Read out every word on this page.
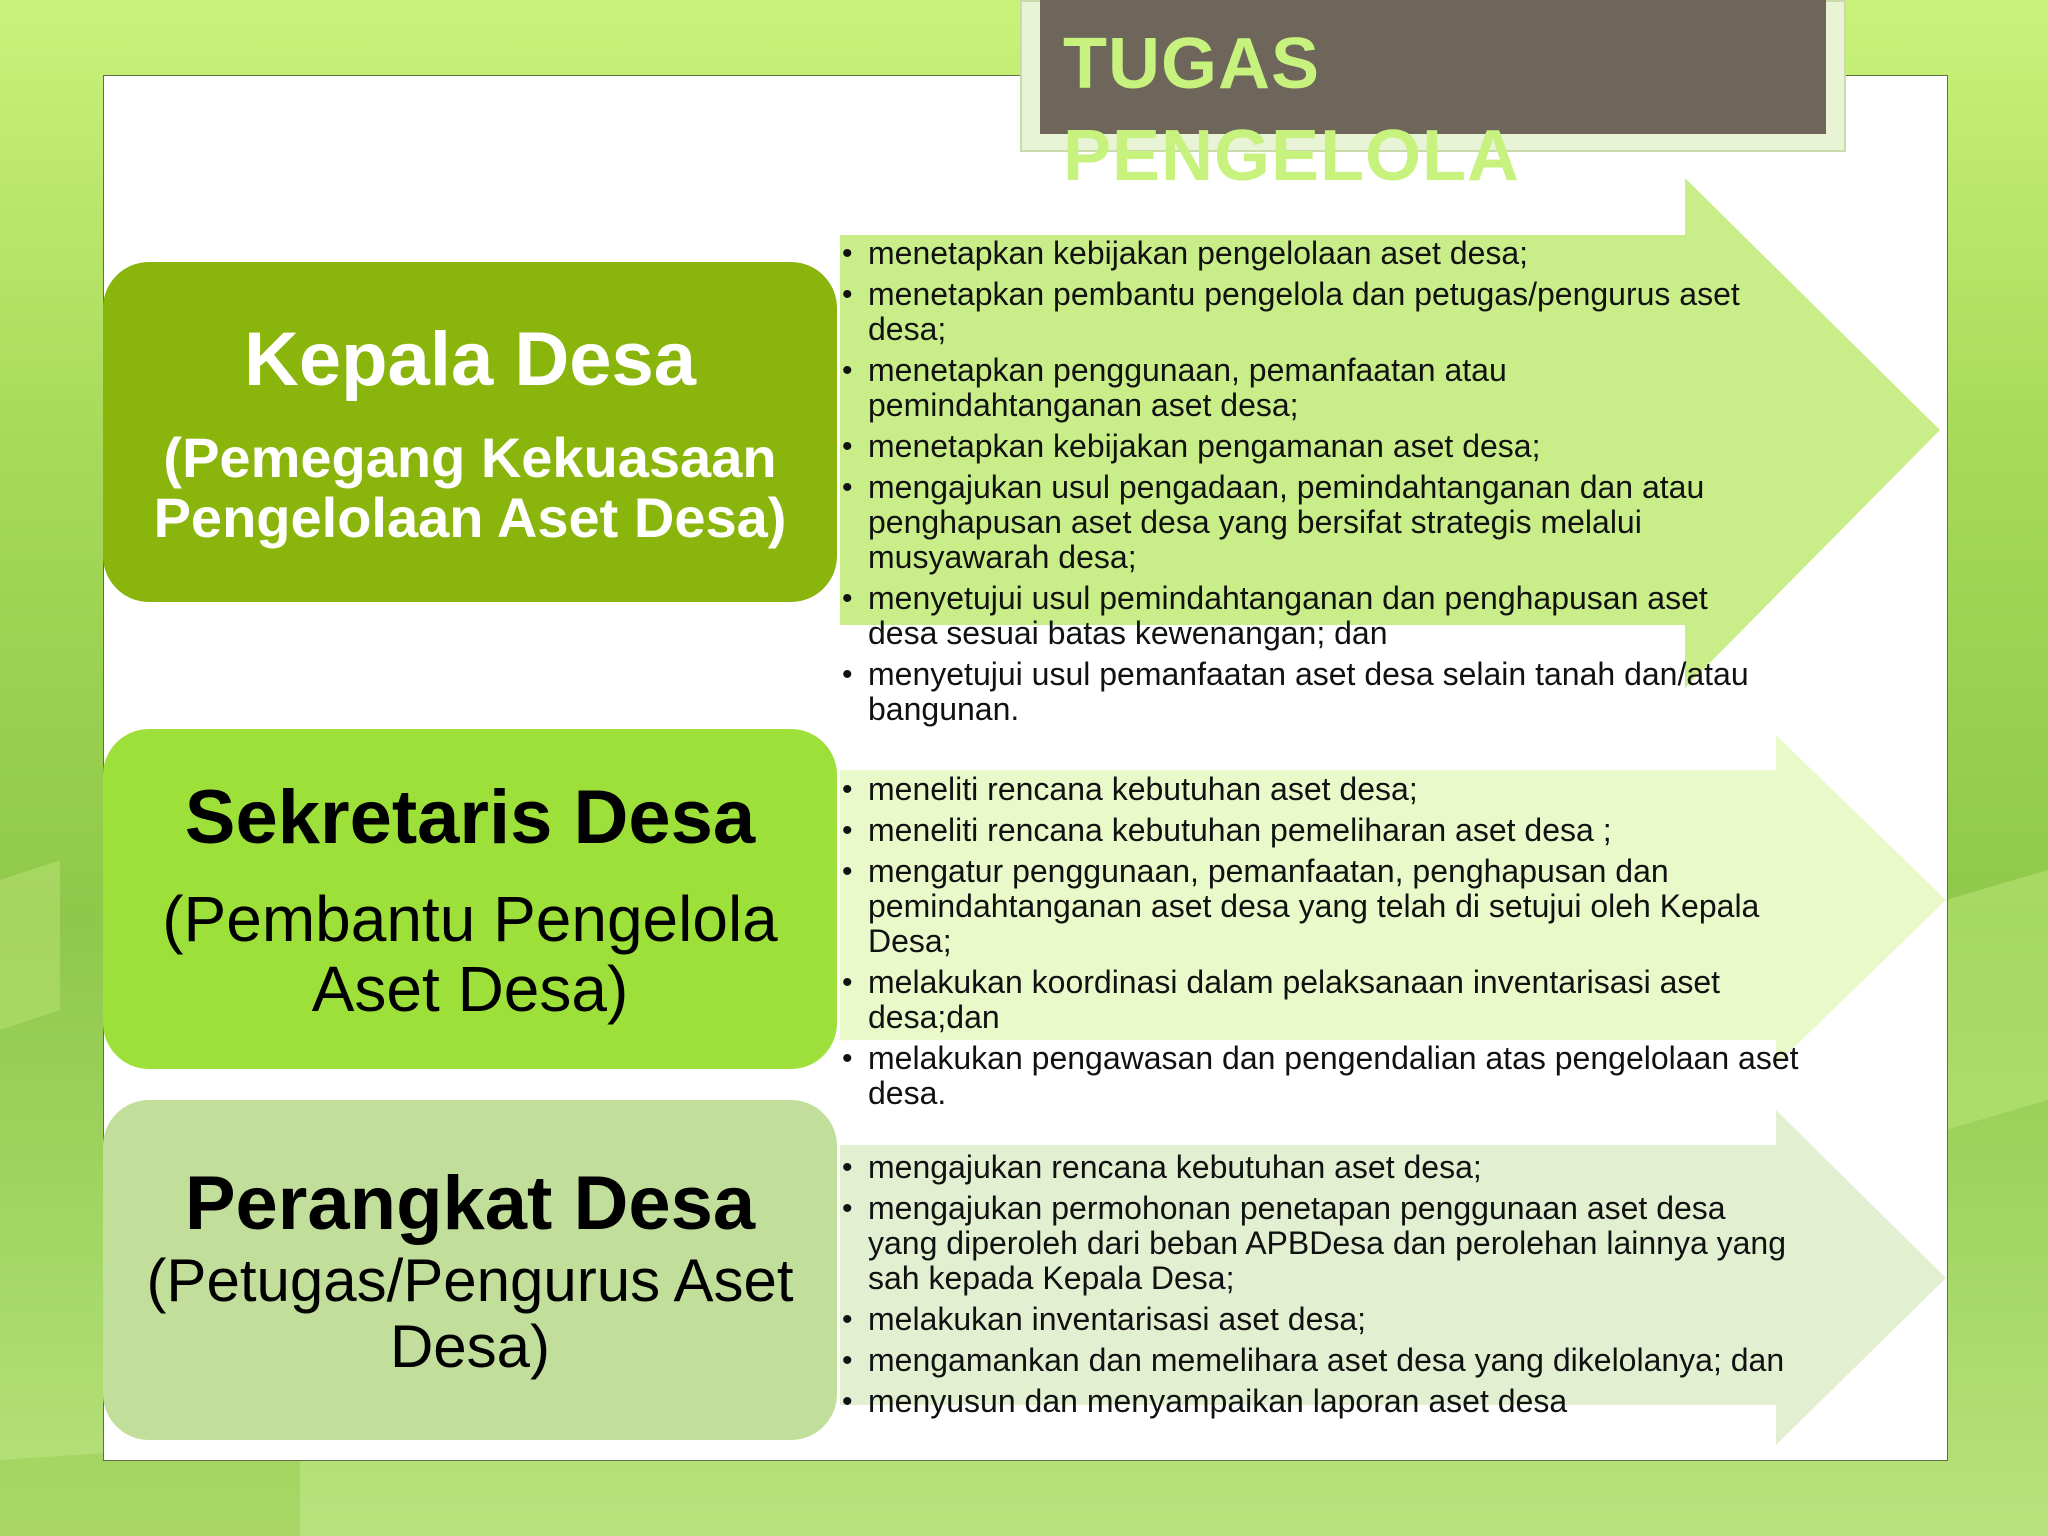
TUGAS
PENGELOLA
Kepala Desa
(Pemegang Kekuasaan Pengelolaan Aset Desa)
Sekretaris Desa
(Pembantu Pengelola Aset Desa)
Perangkat Desa
(Petugas/Pengurus Aset Desa)
• menetapkan kebijakan pengelolaan aset desa;
• menetapkan pembantu pengelola dan petugas/pengurus aset desa;
• menetapkan penggunaan, pemanfaatan atau pemindahtanganan aset desa;
• menetapkan kebijakan pengamanan aset desa;
• mengajukan usul pengadaan, pemindahtanganan dan atau penghapusan aset desa yang bersifat strategis melalui musyawarah desa;
• menyetujui usul pemindahtanganan dan penghapusan aset desa sesuai batas kewenangan; dan
• menyetujui usul pemanfaatan aset desa selain tanah dan/atau bangunan.
• meneliti rencana kebutuhan aset desa;
• meneliti rencana kebutuhan pemeliharan aset desa ;
• mengatur penggunaan, pemanfaatan, penghapusan dan pemindahtanganan aset desa yang telah di setujui oleh Kepala Desa;
• melakukan koordinasi dalam pelaksanaan inventarisasi aset desa;dan
• melakukan pengawasan dan pengendalian atas pengelolaan aset desa.
• mengajukan rencana kebutuhan aset desa;
• mengajukan permohonan penetapan penggunaan aset desa yang diperoleh dari beban APBDesa dan perolehan lainnya yang sah kepada Kepala Desa;
• melakukan inventarisasi aset desa;
• mengamankan dan memelihara aset desa yang dikelolanya; dan
• menyusun dan menyampaikan laporan aset desa
